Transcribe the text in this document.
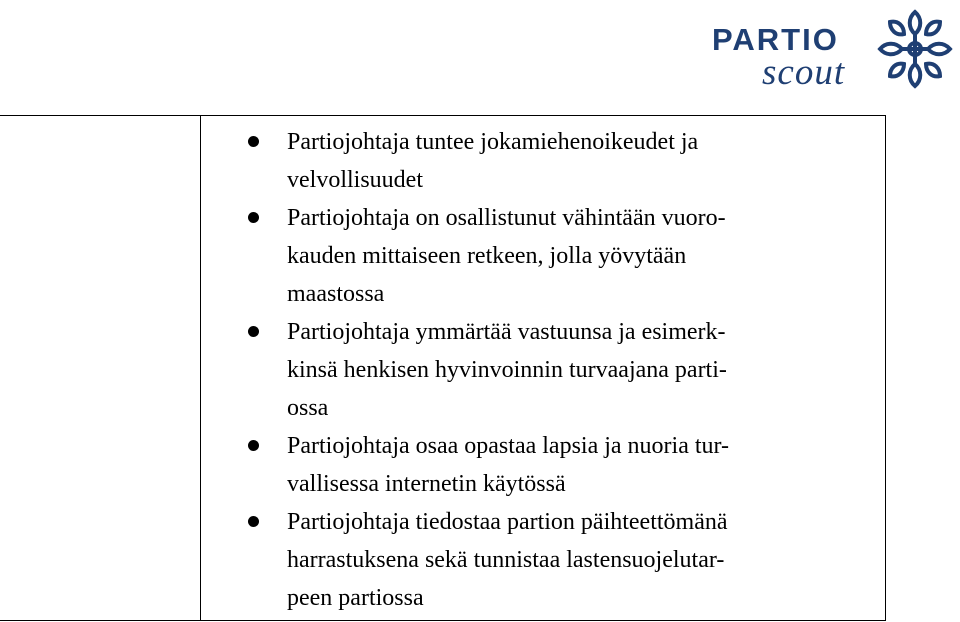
PARTIO
scout
Partiojohtaja tuntee jokamiehenoikeudet ja
velvollisuudet
Partiojohtaja on osallistunut vähintään vuoro-
kauden mittaiseen retkeen, jolla yövytään
maastossa
Partiojohtaja ymmärtää vastuunsa ja esimerk-
kinsä henkisen hyvinvoinnin turvaajana parti-
ossa
Partiojohtaja osaa opastaa lapsia ja nuoria tur-
vallisessa internetin käytössä
Partiojohtaja tiedostaa partion päihteettömänä
harrastuksena sekä tunnistaa lastensuojelutar-
peen partiossa
